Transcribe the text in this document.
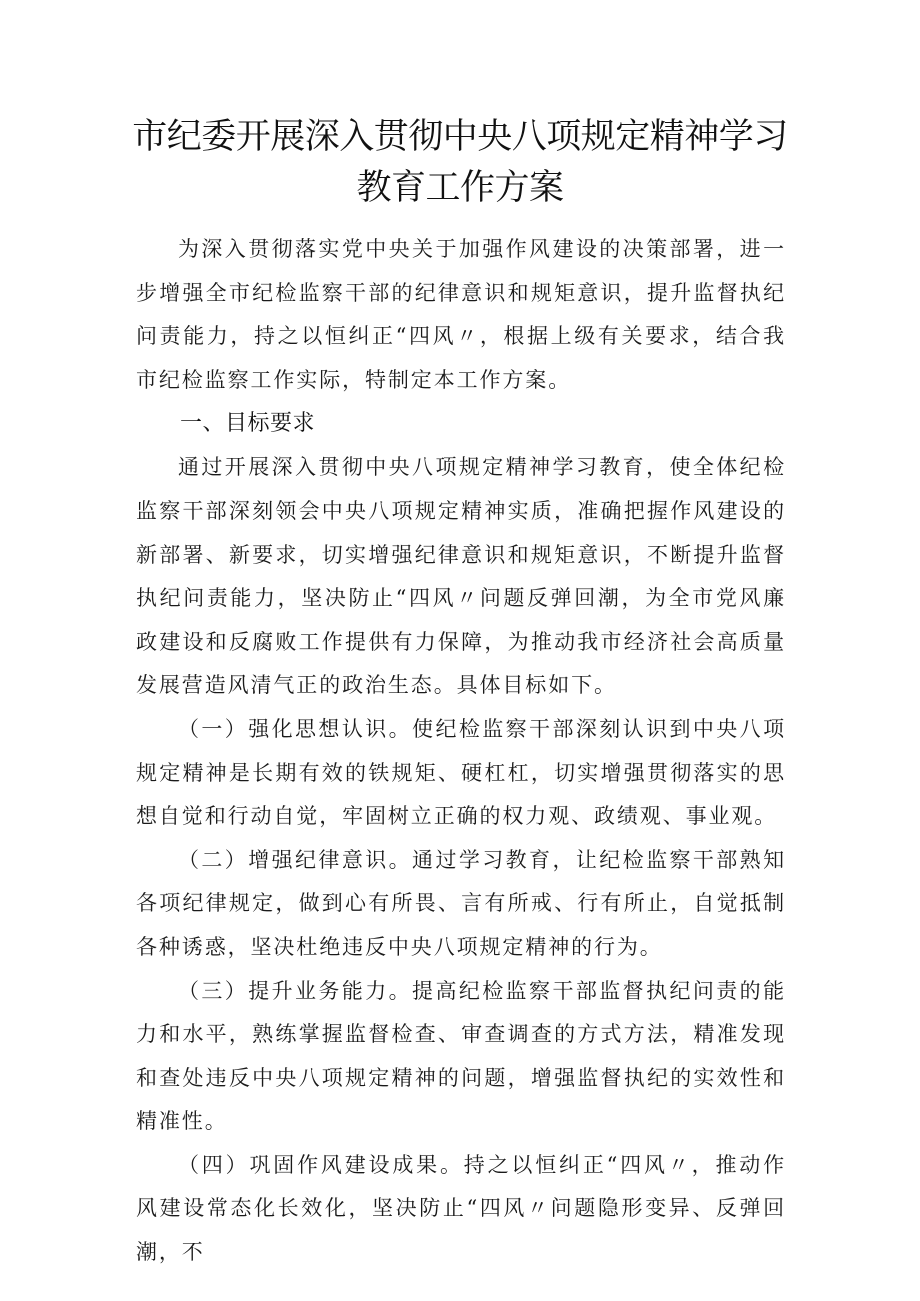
市纪委开展深入贯彻中央八项规定精神学习教育工作方案

为深入贯彻落实党中央关于加强作风建设的决策部署，进一步增强全市纪检监察干部的纪律意识和规矩意识，提升监督执纪问责能力，持之以恒纠正“四风〃，根据上级有关要求，结合我市纪检监察工作实际，特制定本工作方案。

一、目标要求

通过开展深入贯彻中央八项规定精神学习教育，使全体纪检监察干部深刻领会中央八项规定精神实质，准确把握作风建设的新部署、新要求，切实增强纪律意识和规矩意识，不断提升监督执纪问责能力，坚决防止“四风〃问题反弹回潮，为全市党风廉政建设和反腐败工作提供有力保障，为推动我市经济社会高质量发展营造风清气正的政治生态。具体目标如下。

（一）强化思想认识。使纪检监察干部深刻认识到中央八项规定精神是长期有效的铁规矩、硬杠杠，切实增强贯彻落实的思想自觉和行动自觉，牢固树立正确的权力观、政绩观、事业观。

（二）增强纪律意识。通过学习教育，让纪检监察干部熟知各项纪律规定，做到心有所畏、言有所戒、行有所止，自觉抵制各种诱惑，坚决杜绝违反中央八项规定精神的行为。

（三）提升业务能力。提高纪检监察干部监督执纪问责的能力和水平，熟练掌握监督检查、审查调查的方式方法，精准发现和查处违反中央八项规定精神的问题，增强监督执纪的实效性和精准性。

（四）巩固作风建设成果。持之以恒纠正“四风〃，推动作风建设常态化长效化，坚决防止“四风〃问题隐形变异、反弹回潮，不
